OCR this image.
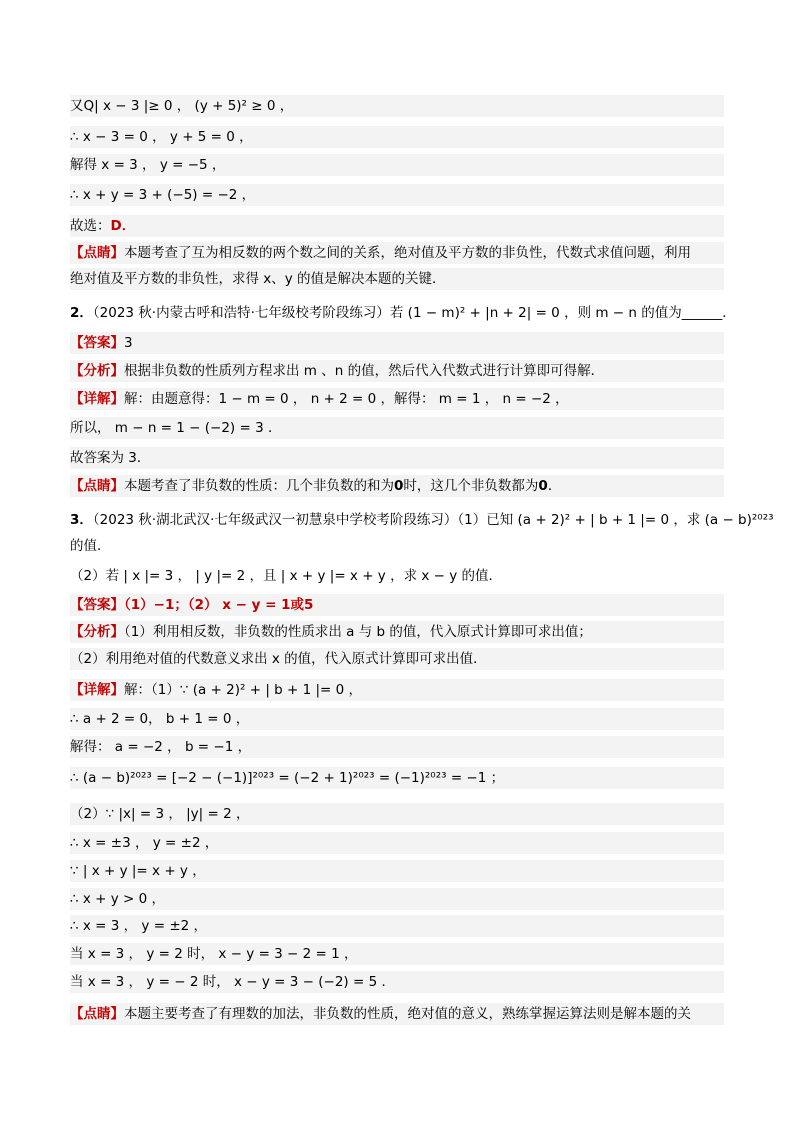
又Q| x − 3 |≥ 0 ， (y + 5)² ≥ 0 ，
∴ x − 3 = 0 ， y + 5 = 0 ，
解得 x = 3 ， y = −5 ，
∴ x + y = 3 + (−5) = −2 ，
故选：D．
【点睛】本题考查了互为相反数的两个数之间的关系，绝对值及平方数的非负性，代数式求值问题，利用
绝对值及平方数的非负性，求得 x、y 的值是解决本题的关键．
2．（2023 秋·内蒙古呼和浩特·七年级校考阶段练习）若 (1 − m)² + |n + 2| = 0 ，则 m − n 的值为______．
【答案】3
【分析】根据非负数的性质列方程求出 m 、n 的值，然后代入代数式进行计算即可得解．
【详解】解：由题意得：1 − m = 0 ， n + 2 = 0 ，解得： m = 1 ， n = −2 ，
所以， m − n = 1 − (−2) = 3 ．
故答案为 3．
【点睛】本题考查了非负数的性质：几个非负数的和为0时，这几个非负数都为0．
3．（2023 秋·湖北武汉·七年级武汉一初慧泉中学校考阶段练习）（1）已知 (a + 2)² + | b + 1 |= 0 ，求 (a − b)²⁰²³
的值．
（2）若 | x |= 3 ， | y |= 2 ，且 | x + y |= x + y ，求 x − y 的值．
【答案】（1）−1；（2） x − y = 1或5
【分析】（1）利用相反数，非负数的性质求出 a 与 b 的值，代入原式计算即可求出值；
（2）利用绝对值的代数意义求出 x 的值，代入原式计算即可求出值．
【详解】解：（1）∵ (a + 2)² + | b + 1 |= 0 ，
∴ a + 2 = 0， b + 1 = 0 ，
解得： a = −2 ， b = −1 ，
∴ (a − b)²⁰²³ = [−2 − (−1)]²⁰²³ = (−2 + 1)²⁰²³ = (−1)²⁰²³ = −1 ；
（2）∵ |x| = 3 ， |y| = 2 ，
∴ x = ±3 ， y = ±2 ，
∵ | x + y |= x + y ，
∴ x + y > 0 ，
∴ x = 3 ， y = ±2 ，
当 x = 3 ， y = 2 时， x − y = 3 − 2 = 1 ，
当 x = 3 ， y = − 2 时， x − y = 3 − (−2) = 5 ．
【点睛】本题主要考查了有理数的加法，非负数的性质，绝对值的意义，熟练掌握运算法则是解本题的关
